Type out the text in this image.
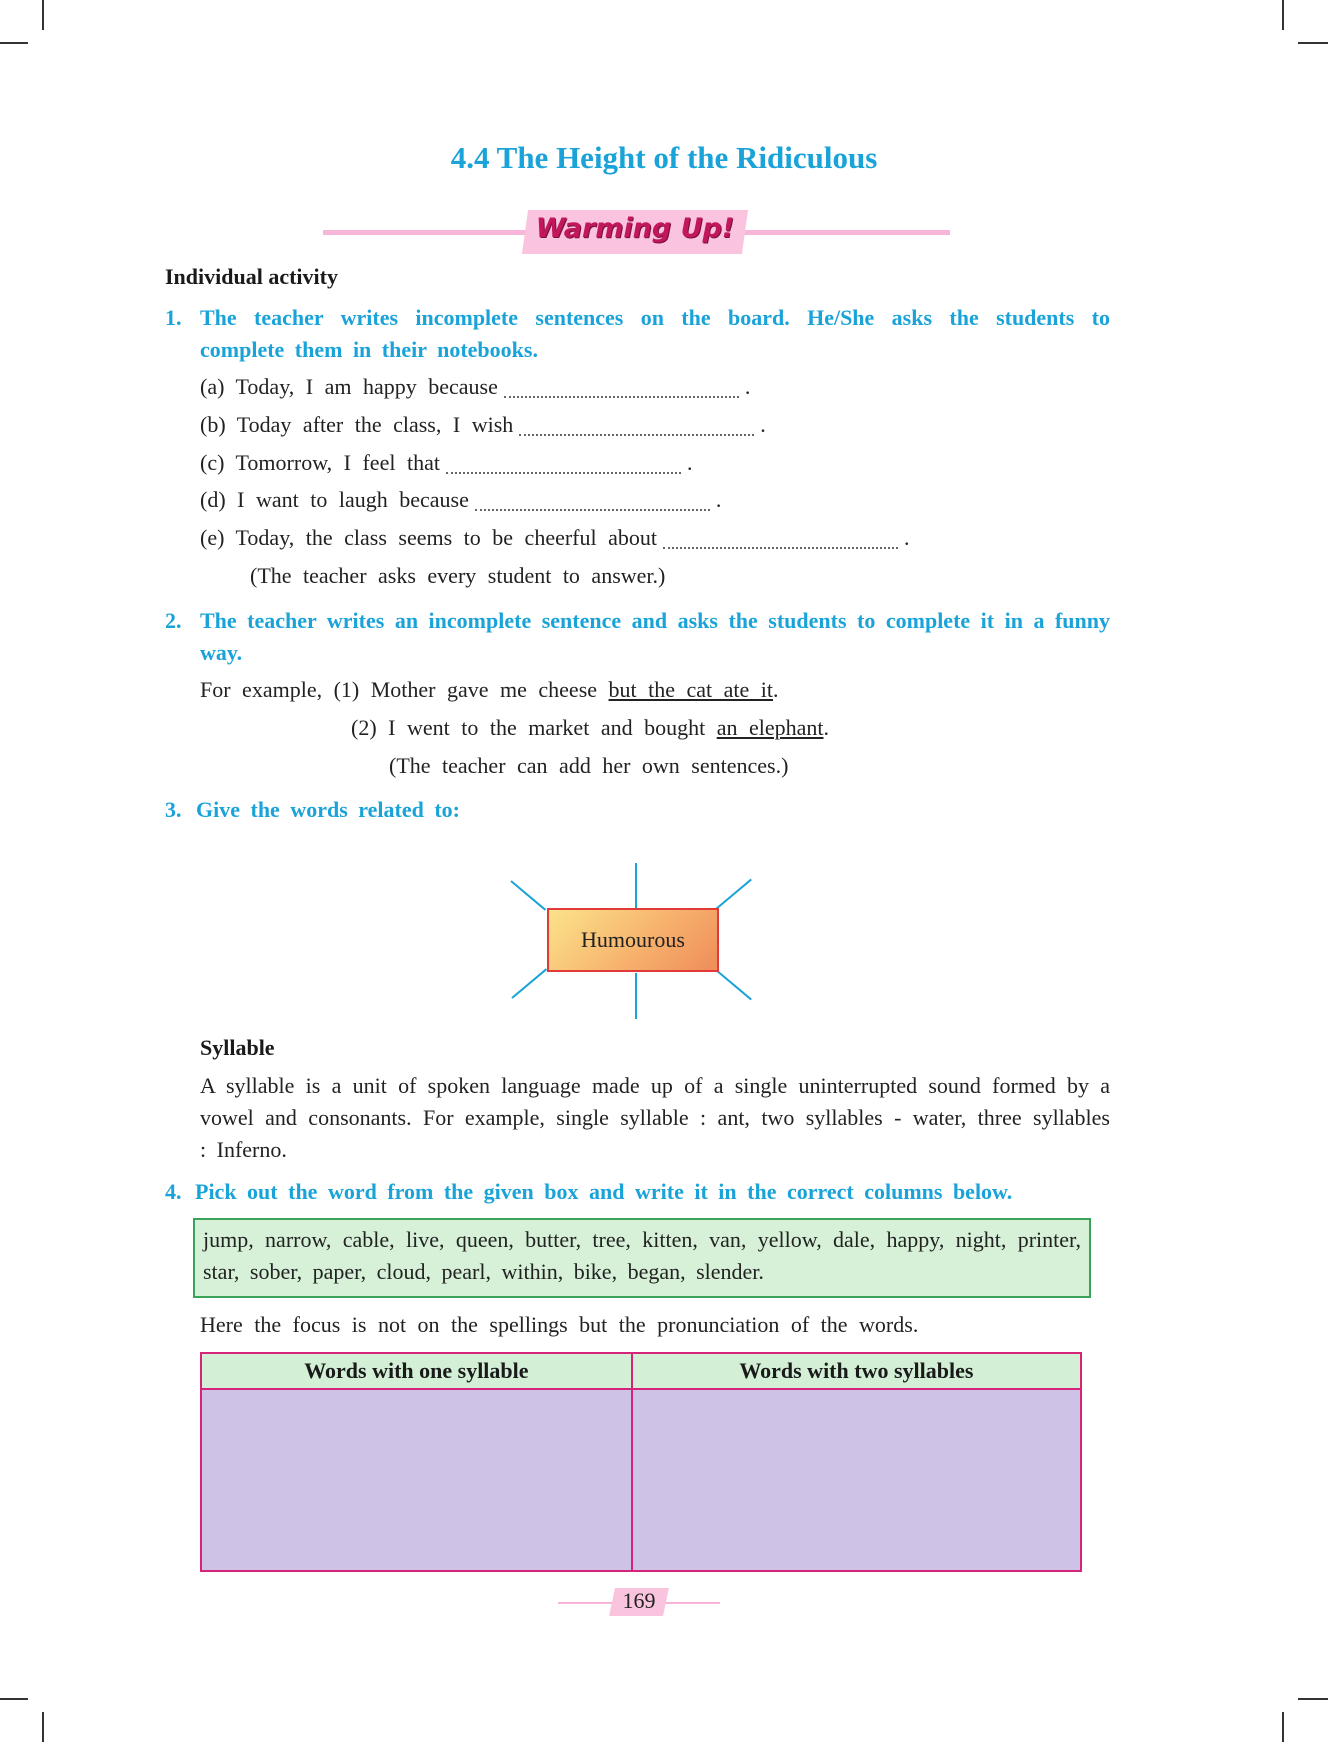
4.4 The Height of the Ridiculous
Warming Up!
Individual activity
1. The teacher writes incomplete sentences on the board. He/She asks the students to complete them in their notebooks.
(a) Today, I am happy because	.
(b) Today after the class, I wish	.
(c) Tomorrow, I feel that	.
(d) I want to laugh because	.
(e) Today, the class seems to be cheerful about	.
(The teacher asks every student to answer.)
2. The teacher writes an incomplete sentence and asks the students to complete it in a funny way.
For example, (1) Mother gave me cheese but the cat ate it.
(2) I went to the market and bought an elephant.
(The teacher can add her own sentences.)
3. Give the words related to:
Humourous
Syllable
A syllable is a unit of spoken language made up of a single uninterrupted sound formed by a vowel and consonants. For example, single syllable : ant, two syllables - water, three syllables : Inferno.
4. Pick out the word from the given box and write it in the correct columns below.
jump, narrow, cable, live, queen, butter, tree, kitten, van, yellow, dale, happy, night, printer, star, sober, paper, cloud, pearl, within, bike, began, slender.
Here the focus is not on the spellings but the pronunciation of the words.
Words with one syllable	Words with two syllables

169
